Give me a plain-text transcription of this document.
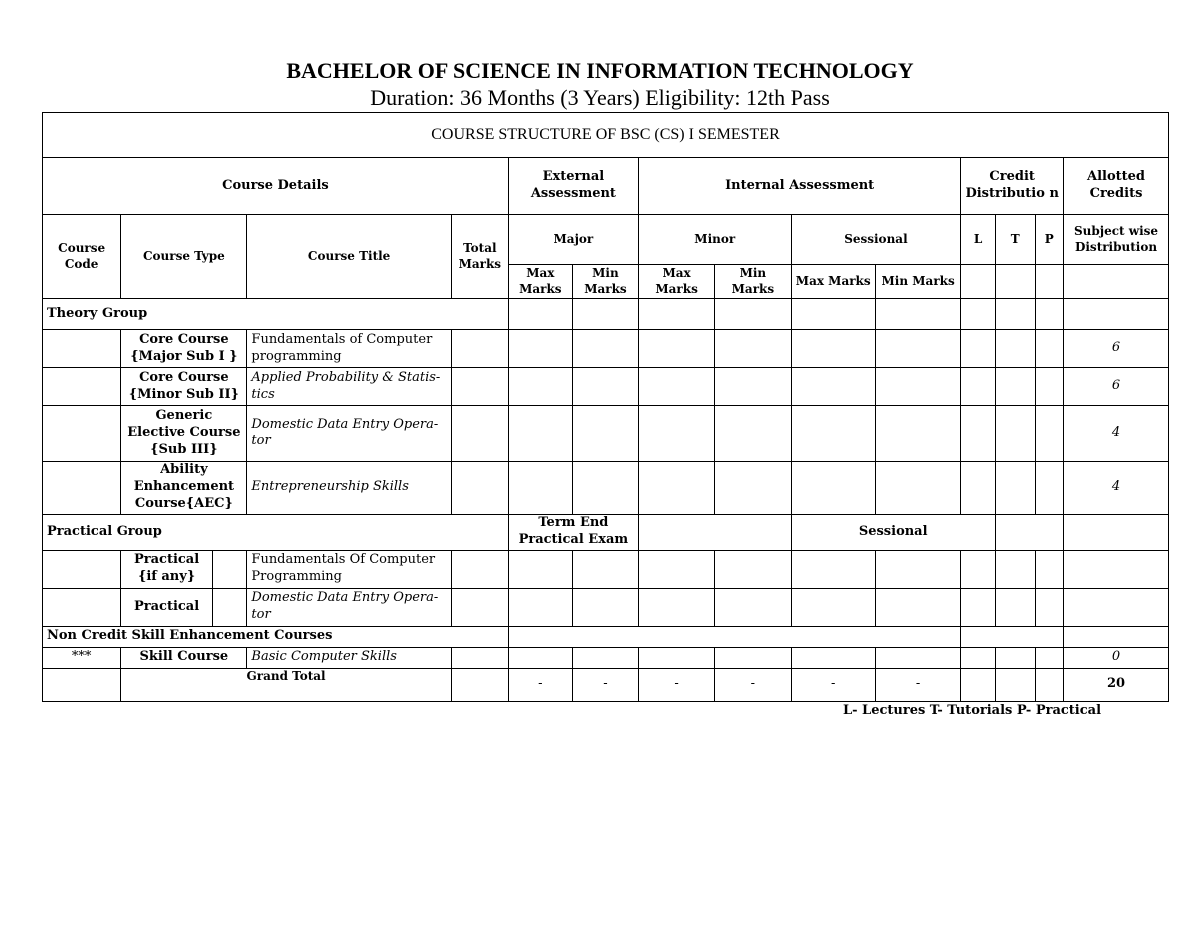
BACHELOR OF SCIENCE IN INFORMATION TECHNOLOGY
Duration: 36 Months (3 Years) Eligibility: 12th Pass
COURSE STRUCTURE OF BSC (CS) I SEMESTER														
Course Details					External Assessment		Internal Assessment				Credit Distributio n			Allotted Credits
Course Code	Course Type		Course Title	Total Marks	Major		Minor		Sessional		L	T	P	Subject wise Distribution
					Max Marks	Min Marks	Max Marks	Min Marks	Max Marks	Min Marks				
Theory Group														
	Core Course {Major Sub I }		Fundamentals of Computer programming											6
	Core Course {Minor Sub II}		Applied Probability & Statis- tics											6
	Generic Elective Course {Sub III}		Domestic Data Entry Opera- tor											4
	Ability Enhancement Course{AEC}		Entrepreneurship Skills											4
Practical Group					Term End Practical Exam				Sessional					
	Practical {if any}		Fundamentals Of Computer Programming											
	Practical		Domestic Data Entry Opera- tor											
Non Credit Skill Enhancement Courses														
***	Skill Course		Basic Computer Skills											0
	Grand Total				-	-	-	-	-	-				20
L- Lectures T- Tutorials P- Practical
